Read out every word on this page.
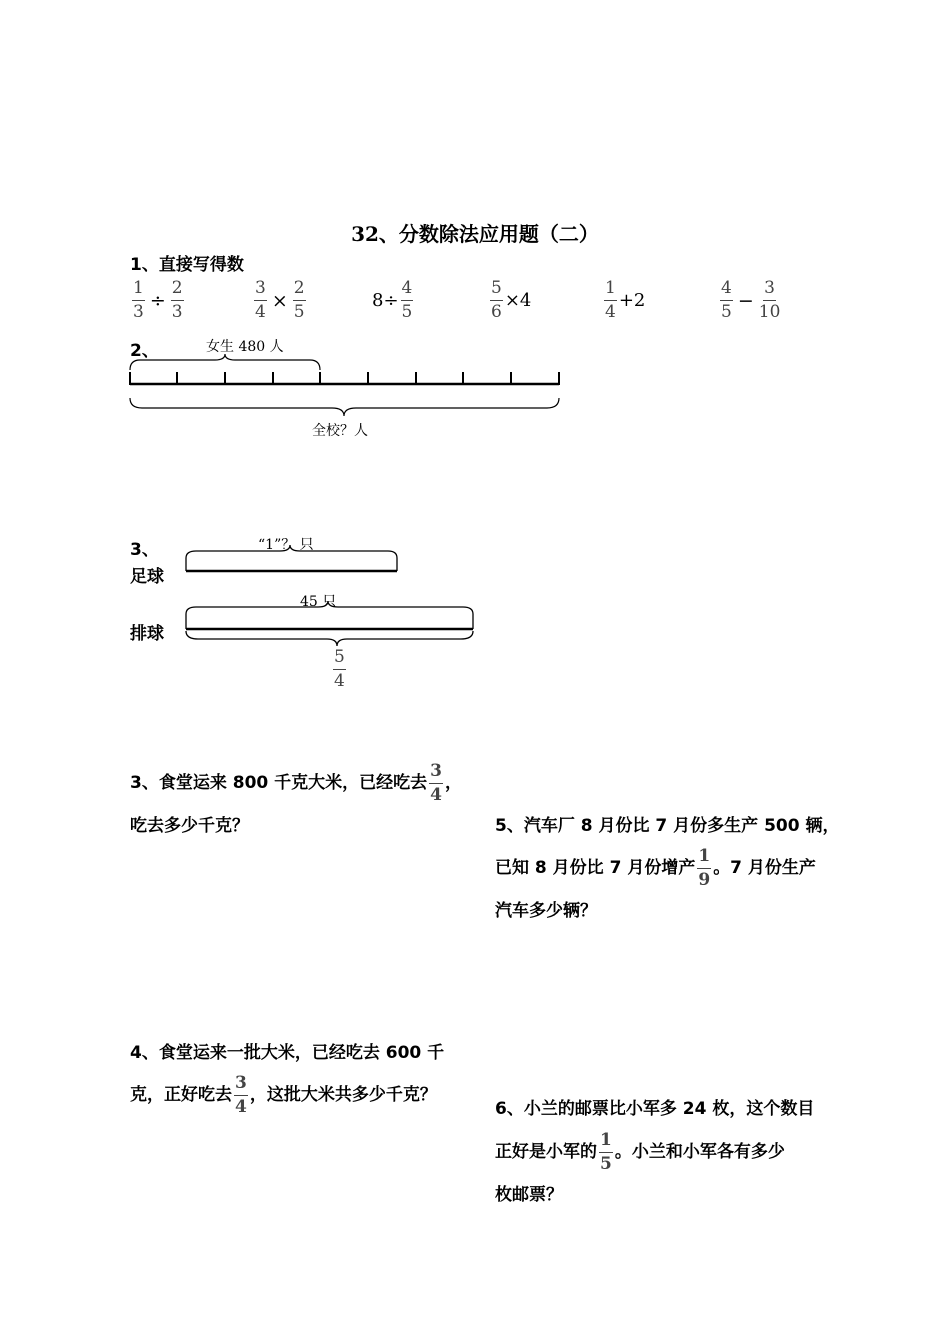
32、分数除法应用题（二）
1、直接写得数
$\frac{1}{3} \div \frac{2}{3}$	$\frac{3}{4} \times \frac{2}{5}$	$8\div \frac{4}{5}$	$\frac{5}{6} \times 4$	$\frac{1}{4} +2$	$\frac{4}{5} - \frac{3}{10}$
2、	女生 480 人
全校？人
3、
足球
“1”？ 只
排球
45 只
$\frac{5}{4}$
3、食堂运来 800 千克大米，已经吃去 $\frac{3}{4}$ ，
吃去多少千克？	5、汽车厂 8 月份比 7 月份多生产 500 辆，
已知 8 月份比 7 月份增产 $\frac{1}{9}$ 。7 月份生产
汽车多少辆？
4、食堂运来一批大米，已经吃去 600 千
克，正好吃去 $\frac{3}{4}$ ，这批大米共多少千克？
6、小兰的邮票比小军多 24 枚，这个数目
正好是小军的 $\frac{1}{5}$ 。小兰和小军各有多少
枚邮票？
